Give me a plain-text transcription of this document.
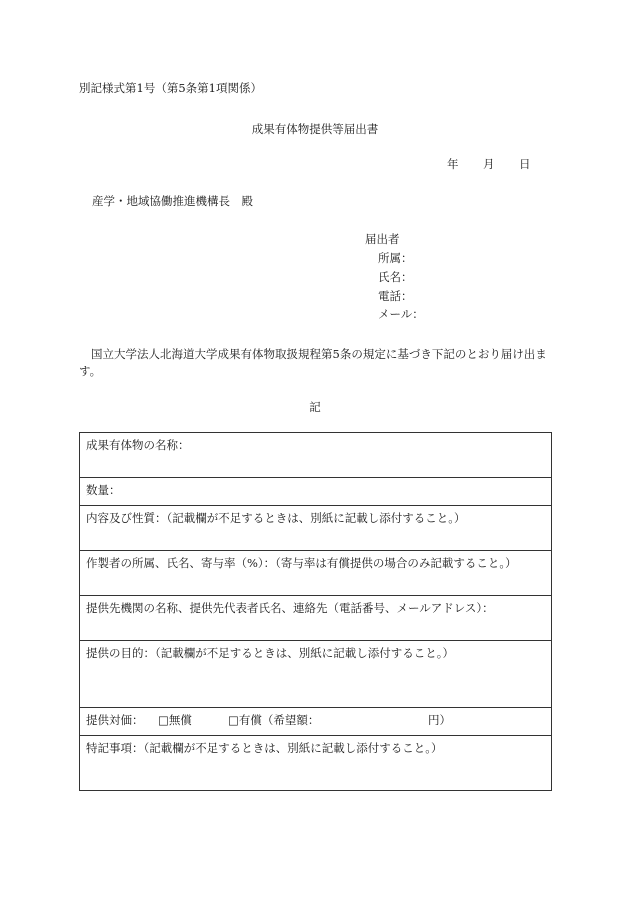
別記様式第1号（第5条第1項関係）
成果有体物提供等届出書
年 月 日
産学・地域協働推進機構長　殿
届出者
所属：
氏名：
電話：
メール：
国立大学法人北海道大学成果有体物取扱規程第5条の規定に基づき下記のとおり届け出ます。
記
成果有体物の名称：
数量：
内容及び性質：（記載欄が不足するときは、別紙に記載し添付すること。）
作製者の所属、氏名、寄与率（%）：（寄与率は有償提供の場合のみ記載すること。）
提供先機関の名称、提供先代表者氏名、連絡先（電話番号、メールアドレス）：
提供の目的：（記載欄が不足するときは、別紙に記載し添付すること。）
提供対価： □無償	□有償（希望額：	円）
特記事項：（記載欄が不足するときは、別紙に記載し添付すること。）
